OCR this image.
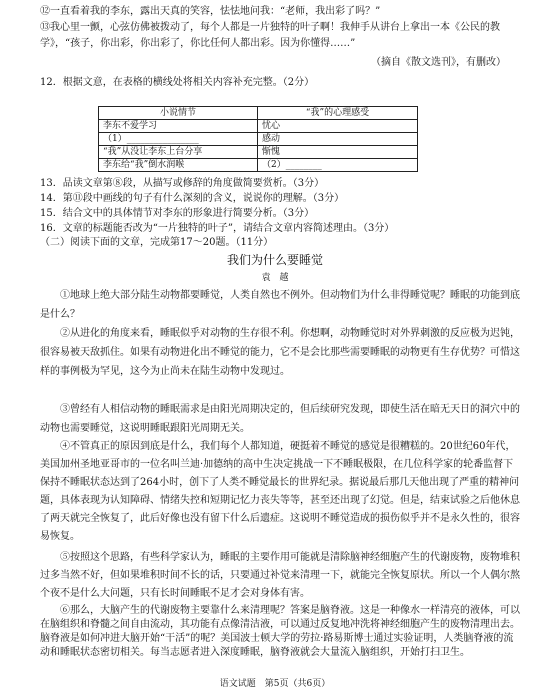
⑫一直看着我的李东，露出天真的笑容，怯怯地问我：“老师，我出彩了吗？”
⑬我心里一颤，心弦仿佛被拨动了，每个人都是一片独特的叶子啊！我伸手从讲台上拿出一本《公民的教学》，“孩子，你出彩，你出彩了，你比任何人都出彩。因为你懂得……”
（摘自《散文选刊》，有删改）
12．根据文意，在表格的横线处将相关内容补充完整。（2分）
小说情节	“我”的心理感受
李东不爱学习	忧心
（1）________________	感动
“我”从没让李东上台分享	惭愧
李东给“我”倒水润喉	（2）________
13．品读文章第⑧段，从描写或修辞的角度做简要赏析。（3分）
14．第⑪段中画线的句子有什么深刻的含义，说说你的理解。（3分）
15．结合文中的具体情节对李东的形象进行简要分析。（3分）
16．文章的标题能否改为“一片独特的叶子”，请结合文章内容简述理由。（3分）
（二）阅读下面的文章，完成第17～20题。（11分）
我们为什么要睡觉
袁　越
①地球上绝大部分陆生动物都要睡觉，人类自然也不例外。但动物们为什么非得睡觉呢？睡眠的功能到底是什么？
②从进化的角度来看，睡眠似乎对动物的生存很不利。你想啊，动物睡觉时对外界刺激的反应极为迟钝，很容易被天敌抓住。如果有动物进化出不睡觉的能力，它不是会比那些需要睡眠的动物更有生存优势？可惜这样的事例极为罕见，这今为止尚未在陆生动物中发现过。
③曾经有人相信动物的睡眠需求是由阳光周期决定的，但后续研究发现，即使生活在暗无天日的洞穴中的动物也需要睡觉，这说明睡眠跟阳光周期无关。
④不管真正的原因到底是什么，我们每个人都知道，硬挺着不睡觉的感觉是很糟糕的。20世纪60年代，美国加州圣地亚哥市的一位名叫兰迪·加德纳的高中生决定挑战一下不睡眠极限，在几位科学家的轮番监督下保持不睡眠状态达到了264小时，创下了人类不睡觉最长的世界纪录。据说最后那几天他出现了严重的精神问题，具体表现为认知障碍、情绪失控和短期记忆力丧失等等，甚至还出现了幻觉。但是，结束试验之后他休息了两天就完全恢复了，此后好像也没有留下什么后遗症。这说明不睡觉造成的损伤似乎并不是永久性的，很容易恢复。
⑤按照这个思路，有些科学家认为，睡眠的主要作用可能就是清除脑神经细胞产生的代谢废物，废物堆积过多当然不好，但如果堆积时间不长的话，只要通过补觉来清理一下，就能完全恢复原状。所以一个人偶尔熬个夜不是什么大问题，只有长时间睡眠不足才会对身体有害。
⑥那么，大脑产生的代谢废物主要靠什么来清理呢？答案是脑脊液。这是一种像水一样清亮的液体，可以在脑组织和脊髓之间自由流动，其功能有点像清洁液，可以通过反复地冲洗将神经细胞产生的废物清理出去。脑脊液是如何冲进大脑开始“干活”的呢？美国波士顿大学的劳拉·路易斯博士通过实验证明，人类脑脊液的流动和睡眠状态密切相关。每当志愿者进入深度睡眠，脑脊液就会大量流入脑组织，开始打扫卫生。
语文试题　第5页（共6页）
